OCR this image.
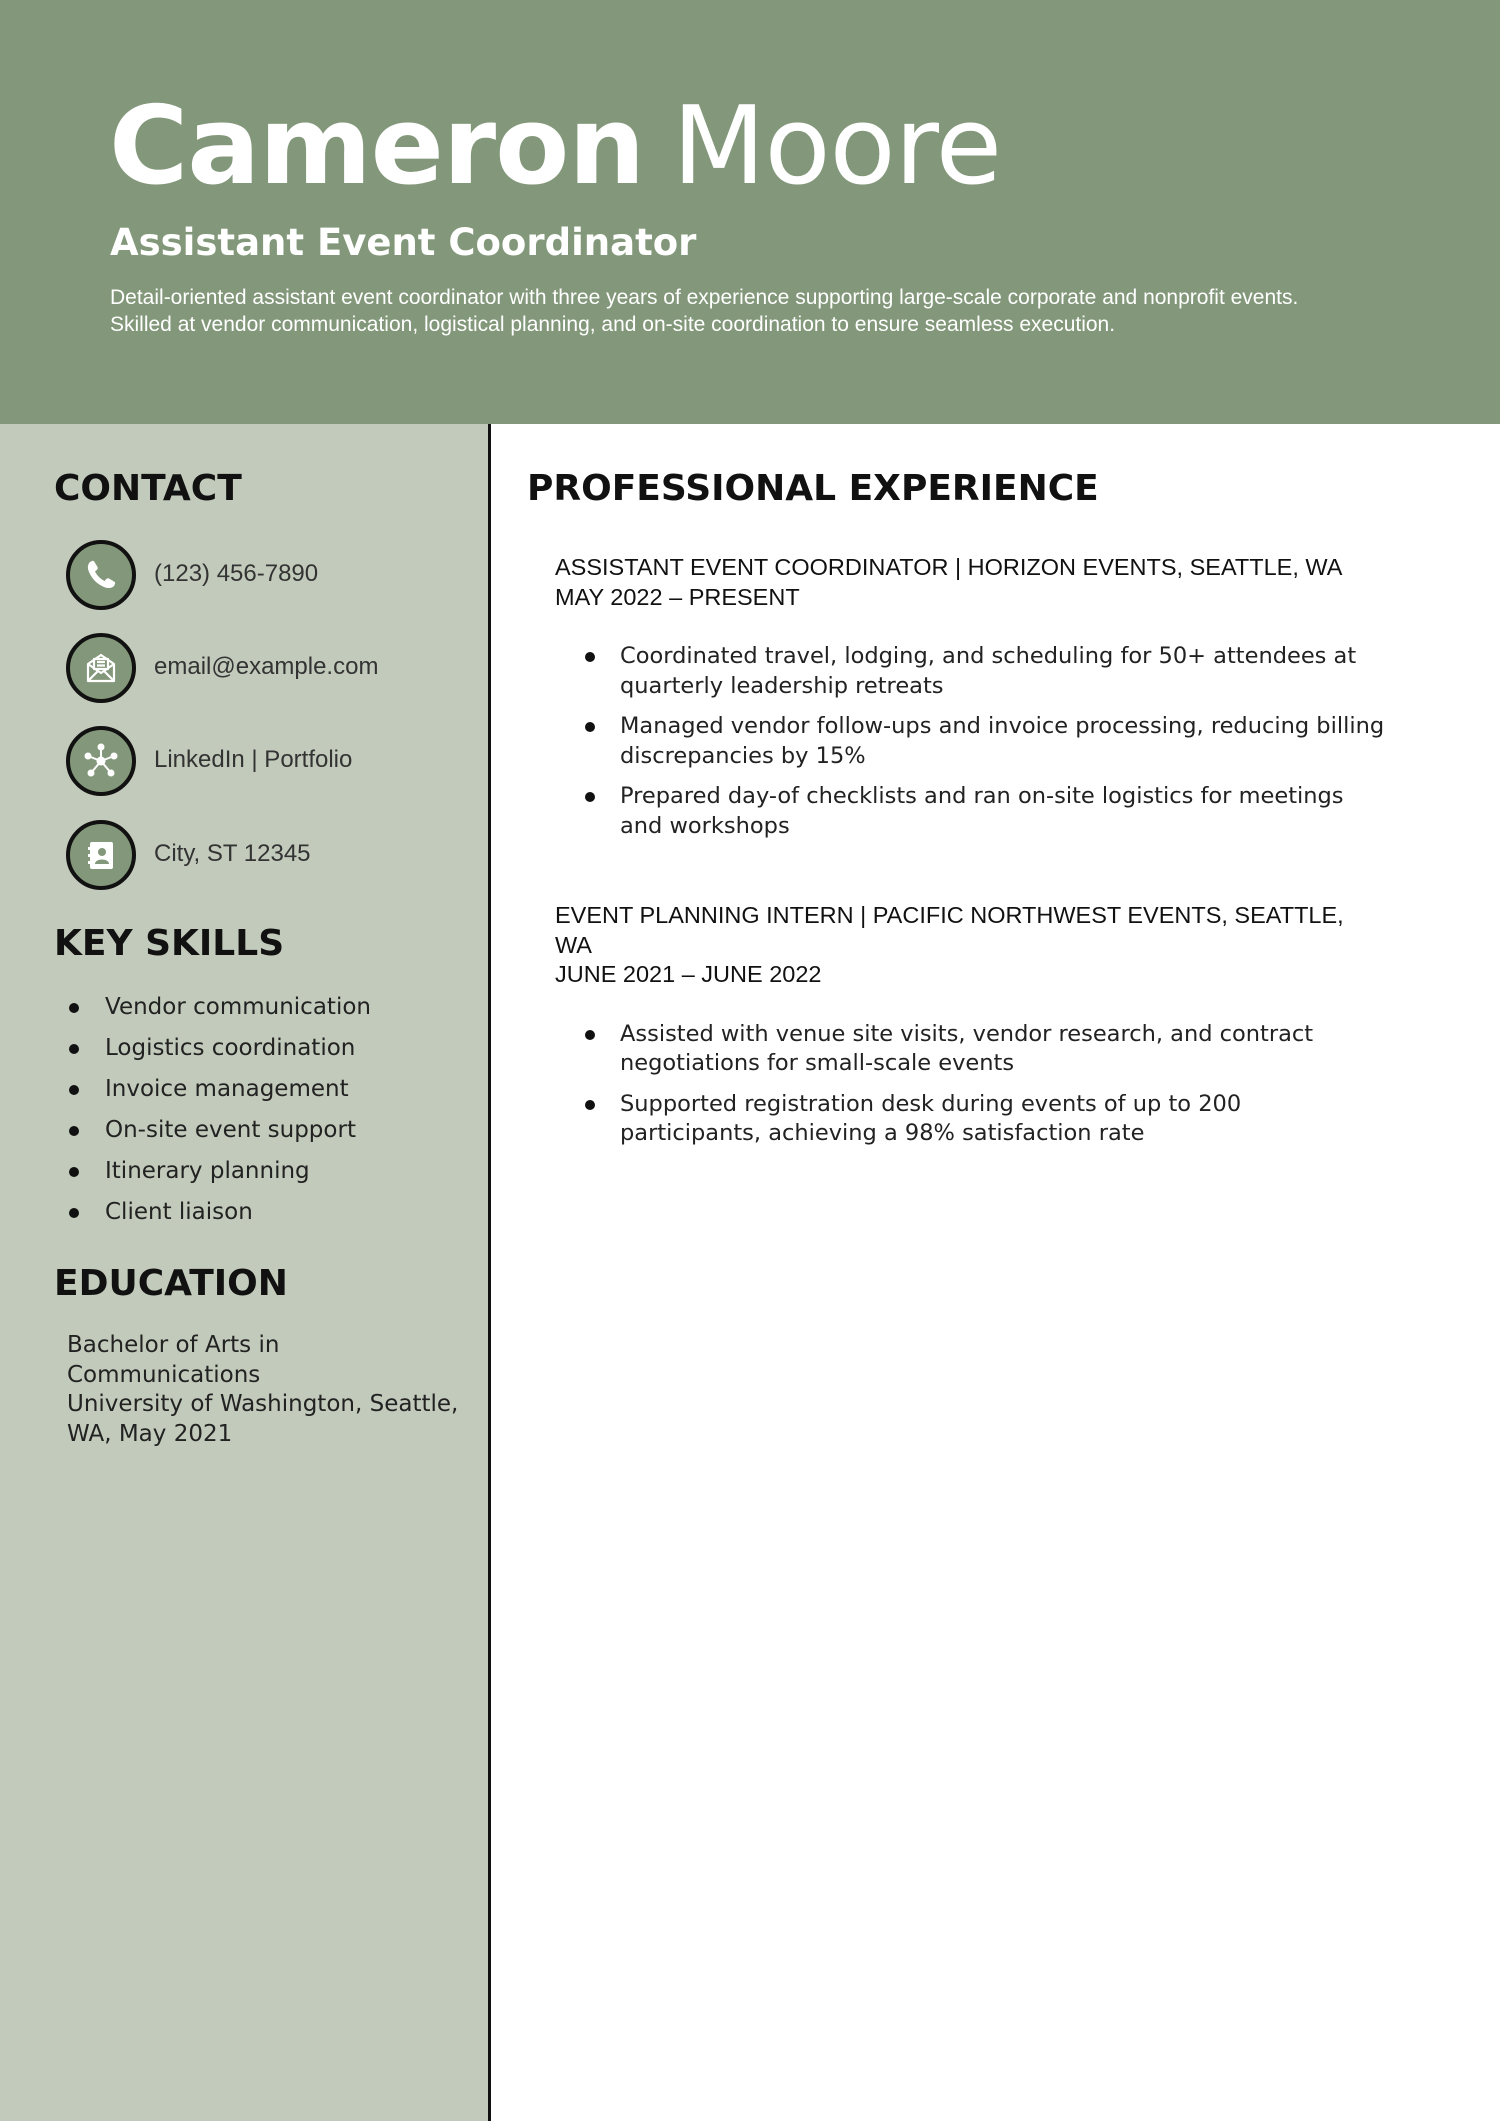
Cameron Moore
Assistant Event Coordinator

Detail-oriented assistant event coordinator with three years of experience supporting large-scale corporate and nonprofit events.
Skilled at vendor communication, logistical planning, and on-site coordination to ensure seamless execution.

CONTACT
(123) 456-7890
email@example.com
LinkedIn | Portfolio
City, ST 12345
KEY SKILLS
Vendor communication
Logistics coordination
Invoice management
On-site event support
Itinerary planning
Client liaison
EDUCATION
Bachelor of Arts in
Communications
University of Washington, Seattle,
WA, May 2021
PROFESSIONAL EXPERIENCE
ASSISTANT EVENT COORDINATOR | HORIZON EVENTS, SEATTLE, WA
MAY 2022 – PRESENT
Coordinated travel, lodging, and scheduling for 50+ attendees at quarterly leadership retreats
Managed vendor follow-ups and invoice processing, reducing billing discrepancies by 15%
Prepared day-of checklists and ran on-site logistics for meetings and workshops
EVENT PLANNING INTERN | PACIFIC NORTHWEST EVENTS, SEATTLE, WA
JUNE 2021 – JUNE 2022
Assisted with venue site visits, vendor research, and contract negotiations for small-scale events
Supported registration desk during events of up to 200 participants, achieving a 98% satisfaction rate
